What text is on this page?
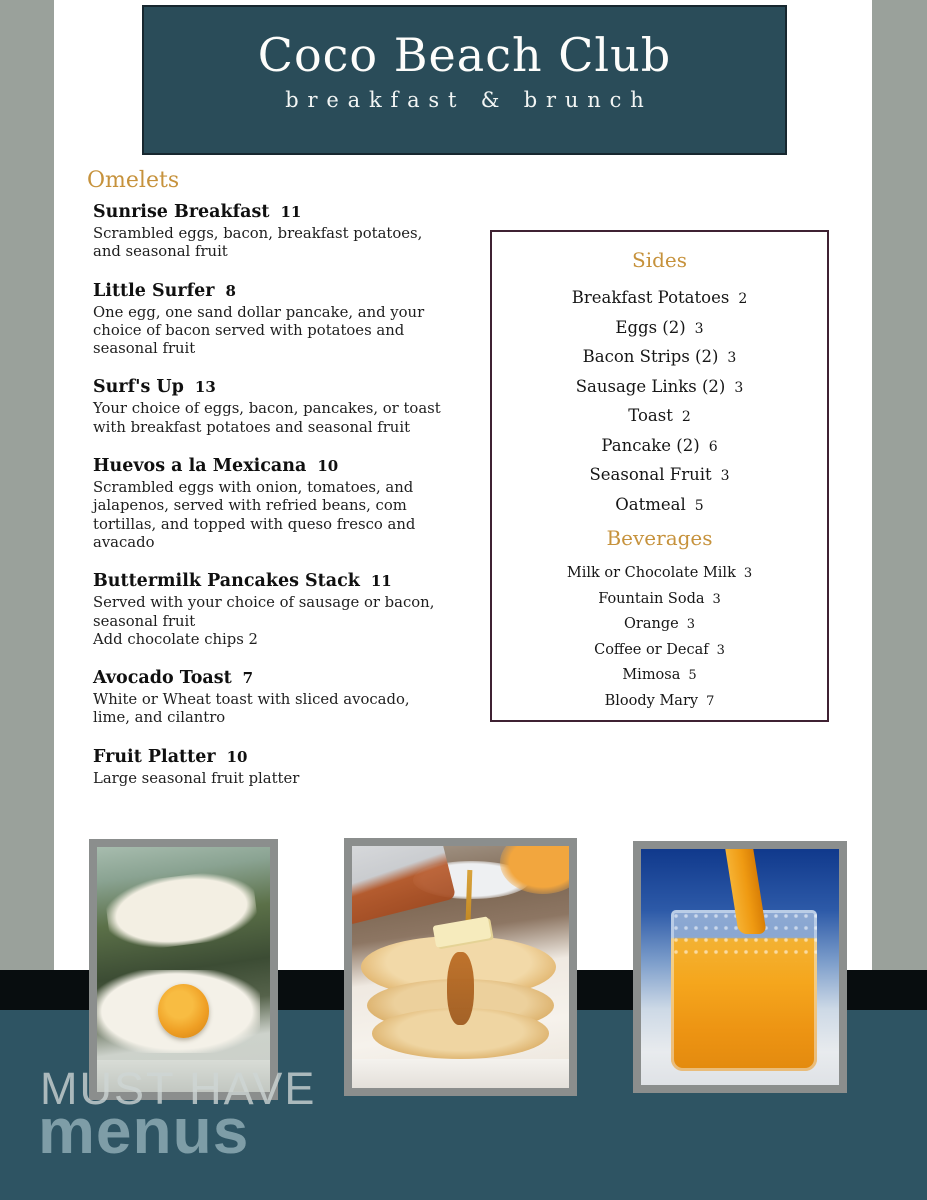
Coco Beach Club
breakfast & brunch
Omelets
Sunrise Breakfast 11
Scrambled eggs, bacon, breakfast potatoes, and seasonal fruit
Little Surfer 8
One egg, one sand dollar pancake, and your choice of bacon served with potatoes and seasonal fruit
Surf's Up 13
Your choice of eggs, bacon, pancakes, or toast with breakfast potatoes and seasonal fruit
Huevos a la Mexicana 10
Scrambled eggs with onion, tomatoes, and jalapenos, served with refried beans, com tortillas, and topped with queso fresco and avacado
Buttermilk Pancakes Stack 11
Served with your choice of sausage or bacon, seasonal fruit
Add chocolate chips 2
Avocado Toast 7
White or Wheat toast with sliced avocado, lime, and cilantro
Fruit Platter 10
Large seasonal fruit platter
Sides
Breakfast Potatoes 2
Eggs (2) 3
Bacon Strips (2) 3
Sausage Links (2) 3
Toast 2
Pancake (2) 6
Seasonal Fruit 3
Oatmeal 5
Beverages
Milk or Chocolate Milk 3
Fountain Soda 3
Orange 3
Coffee or Decaf 3
Mimosa 5
Bloody Mary 7
MUST HAVE
menus
